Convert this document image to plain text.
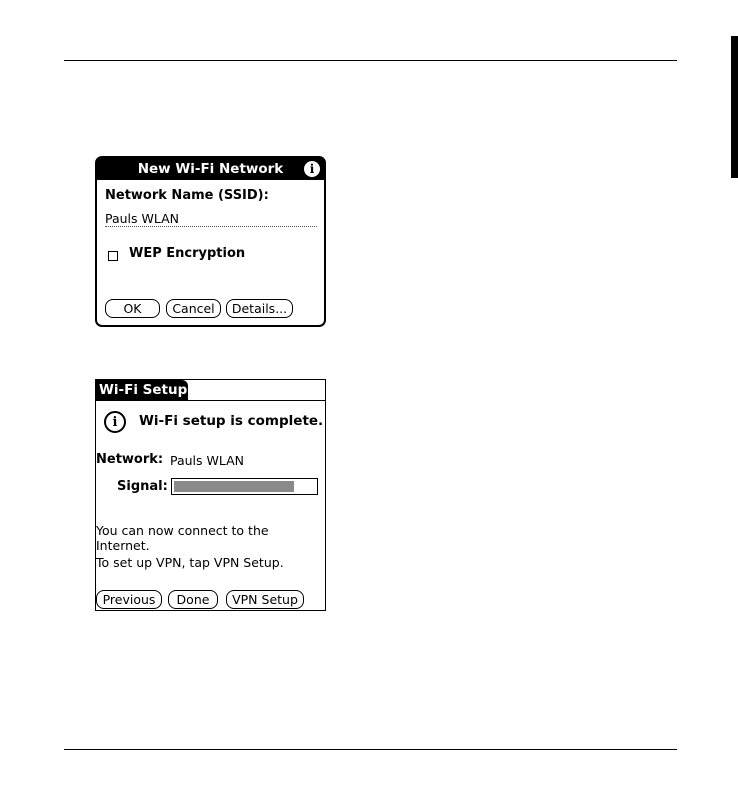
New Wi-Fi Network	i
Network Name (SSID):
Pauls WLAN
WEP Encryption
OK	Cancel	Details...
Wi-Fi Setup
i	Wi-Fi setup is complete.
Network: Pauls WLAN
Signal:
You can now connect to the Internet.
To set up VPN, tap VPN Setup.
Previous	Done	VPN Setup
